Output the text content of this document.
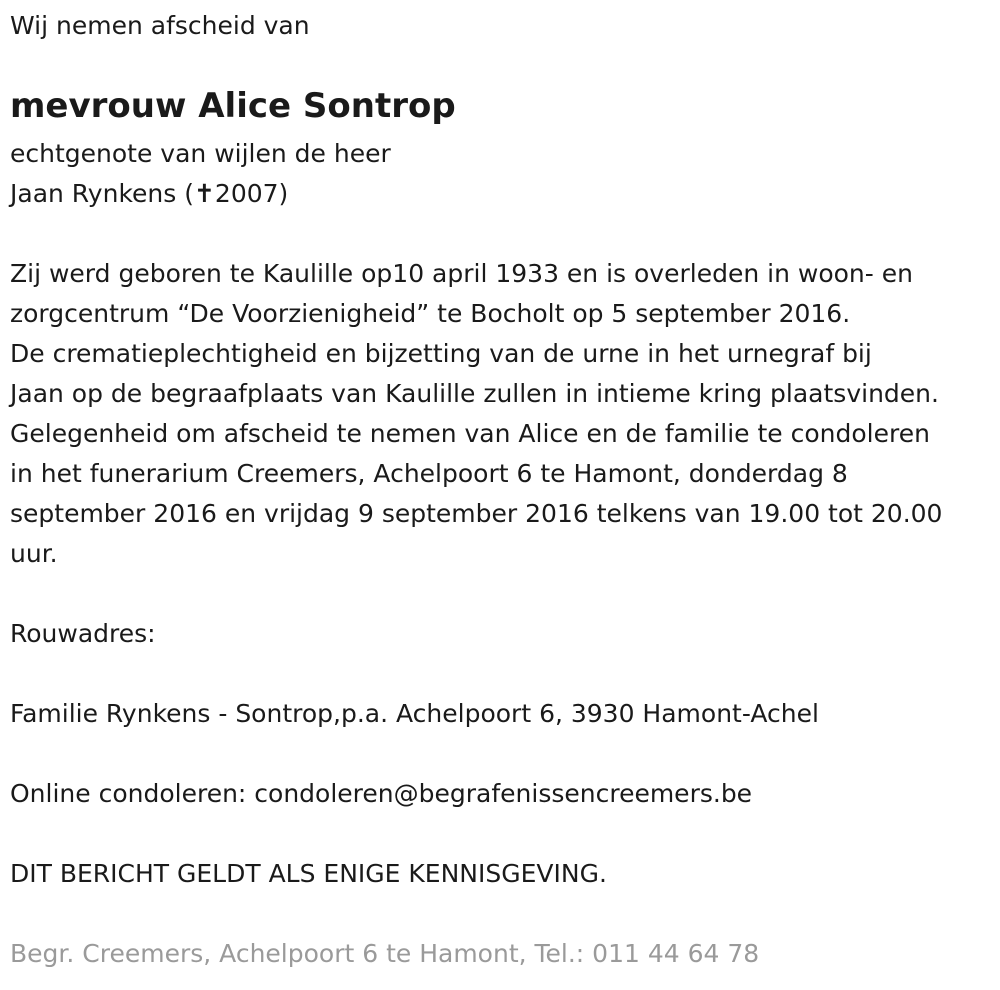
Wij nemen afscheid van

mevrouw Alice Sontrop

echtgenote van wijlen de heer

Jaan Rynkens (✝2007)

Zij werd geboren te Kaulille op10 april 1933 en is overleden in woon- en

zorgcentrum “De Voorzienigheid” te Bocholt op 5 september 2016.

De crematieplechtigheid en bijzetting van de urne in het urnegraf bij

Jaan op de begraafplaats van Kaulille zullen in intieme kring plaatsvinden.

Gelegenheid om afscheid te nemen van Alice en de familie te condoleren

in het funerarium Creemers, Achelpoort 6 te Hamont, donderdag 8

september 2016 en vrijdag 9 september 2016 telkens van 19.00 tot 20.00

uur.

Rouwadres:

Familie Rynkens - Sontrop,p.a. Achelpoort 6, 3930 Hamont-Achel

Online condoleren: condoleren@begrafenissencreemers.be

DIT BERICHT GELDT ALS ENIGE KENNISGEVING.

Begr. Creemers, Achelpoort 6 te Hamont, Tel.: 011 44 64 78
